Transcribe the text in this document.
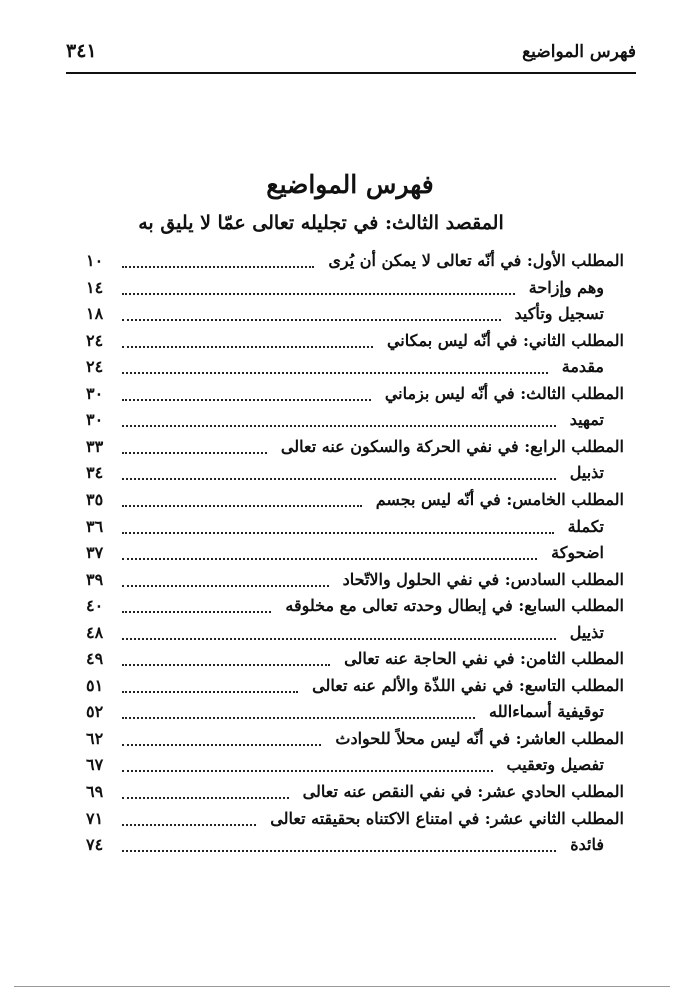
فهرس المواضيع
٣٤١
فهرس المواضيع
المقصد الثالث: في تجليله تعالى عمّا لا يليق به
المطلب الأول: في أنّه تعالى لا يمكن أن يُرى
١٠
وهم وإزاحة
١٤
تسجيل وتأكيد
١٨
المطلب الثاني: في أنّه ليس بمكاني
٢٤
مقدمة
٢٤
المطلب الثالث: في أنّه ليس بزماني
٣٠
تمهيد
٣٠
المطلب الرابع: في نفي الحركة والسكون عنه تعالى
٣٣
تذبيل
٣٤
المطلب الخامس: في أنّه ليس بجسم
٣٥
تكملة
٣٦
اضحوكة
٣٧
المطلب السادس: في نفي الحلول والاتّحاد
٣٩
المطلب السابع: في إبطال وحدته تعالى مع مخلوقه
٤٠
تذييل
٤٨
المطلب الثامن: في نفي الحاجة عنه تعالى
٤٩
المطلب التاسع: في نفي اللذّة والألم عنه تعالى
٥١
توقيفية أسماءالله
٥٢
المطلب العاشر: في أنّه ليس محلاً للحوادث
٦٢
تفصيل وتعقيب
٦٧
المطلب الحادي عشر: في نفي النقص عنه تعالى
٦٩
المطلب الثاني عشر: في امتناع الاكتناه بحقيقته تعالى
٧١
فائدة
٧٤
